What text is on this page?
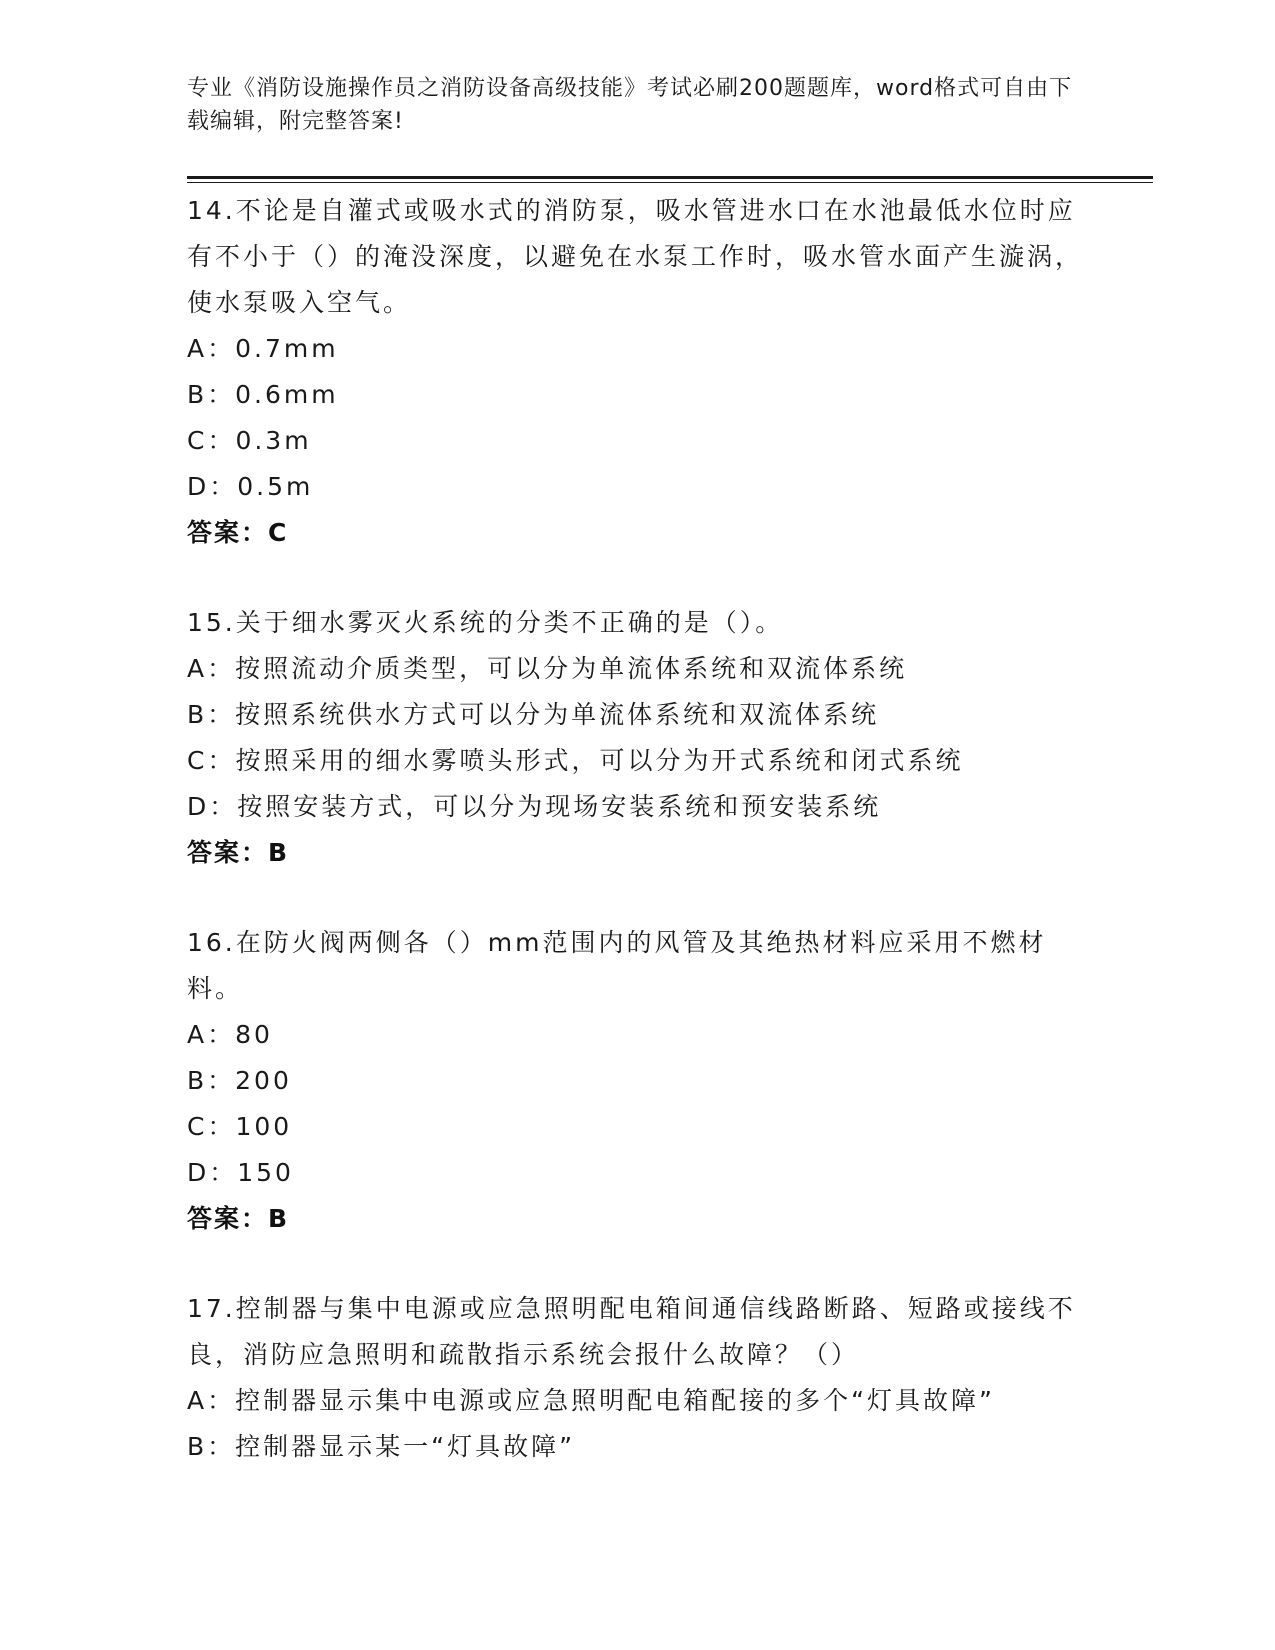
专业《消防设施操作员之消防设备高级技能》考试必刷200题题库，word格式可自由下载编辑，附完整答案!

14.不论是自灌式或吸水式的消防泵，吸水管进水口在水池最低水位时应有不小于（）的淹没深度，以避免在水泵工作时，吸水管水面产生漩涡，使水泵吸入空气。

A：0.7mm

B：0.6mm

C：0.3m

D：0.5m

答案：C

15.关于细水雾灭火系统的分类不正确的是（）。

A：按照流动介质类型，可以分为单流体系统和双流体系统

B：按照系统供水方式可以分为单流体系统和双流体系统

C：按照采用的细水雾喷头形式，可以分为开式系统和闭式系统

D：按照安装方式，可以分为现场安装系统和预安装系统

答案：B

16.在防火阀两侧各（）mm范围内的风管及其绝热材料应采用不燃材料。

A：80

B：200

C：100

D：150

答案：B

17.控制器与集中电源或应急照明配电箱间通信线路断路、短路或接线不良，消防应急照明和疏散指示系统会报什么故障？（）

A：控制器显示集中电源或应急照明配电箱配接的多个“灯具故障”

B：控制器显示某一“灯具故障”
